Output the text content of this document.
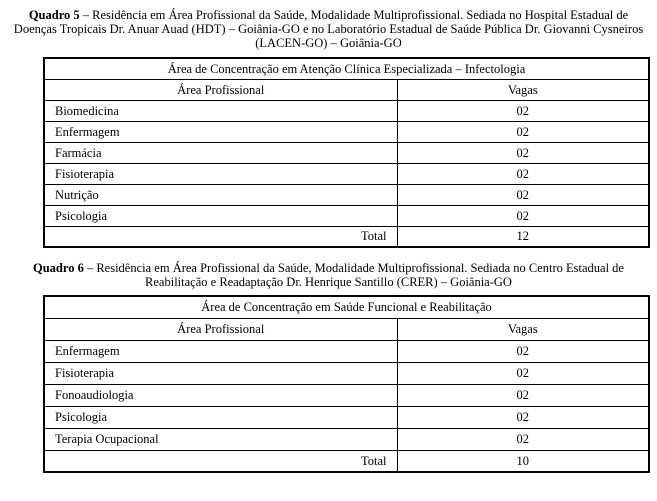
Quadro 5 – Residência em Área Profissional da Saúde, Modalidade Multiprofissional. Sediada no Hospital Estadual de Doenças Tropicais Dr. Anuar Auad (HDT) – Goiânia-GO e no Laboratório Estadual de Saúde Pública Dr. Giovanni Cysneiros (LACEN-GO) – Goiânia-GO

Área de Concentração em Atenção Clínica Especializada – Infectologia	
Área Profissional	Vagas
Biomedicina	02
Enfermagem	02
Farmácia	02
Fisioterapia	02
Nutrição	02
Psicologia	02
Total	12

Quadro 6 – Residência em Área Profissional da Saúde, Modalidade Multiprofissional. Sediada no Centro Estadual de Reabilitação e Readaptação Dr. Henrique Santillo (CRER) – Goiânia-GO

Área de Concentração em Saúde Funcional e Reabilitação	
Área Profissional	Vagas
Enfermagem	02
Fisioterapia	02
Fonoaudiologia	02
Psicologia	02
Terapia Ocupacional	02
Total	10
